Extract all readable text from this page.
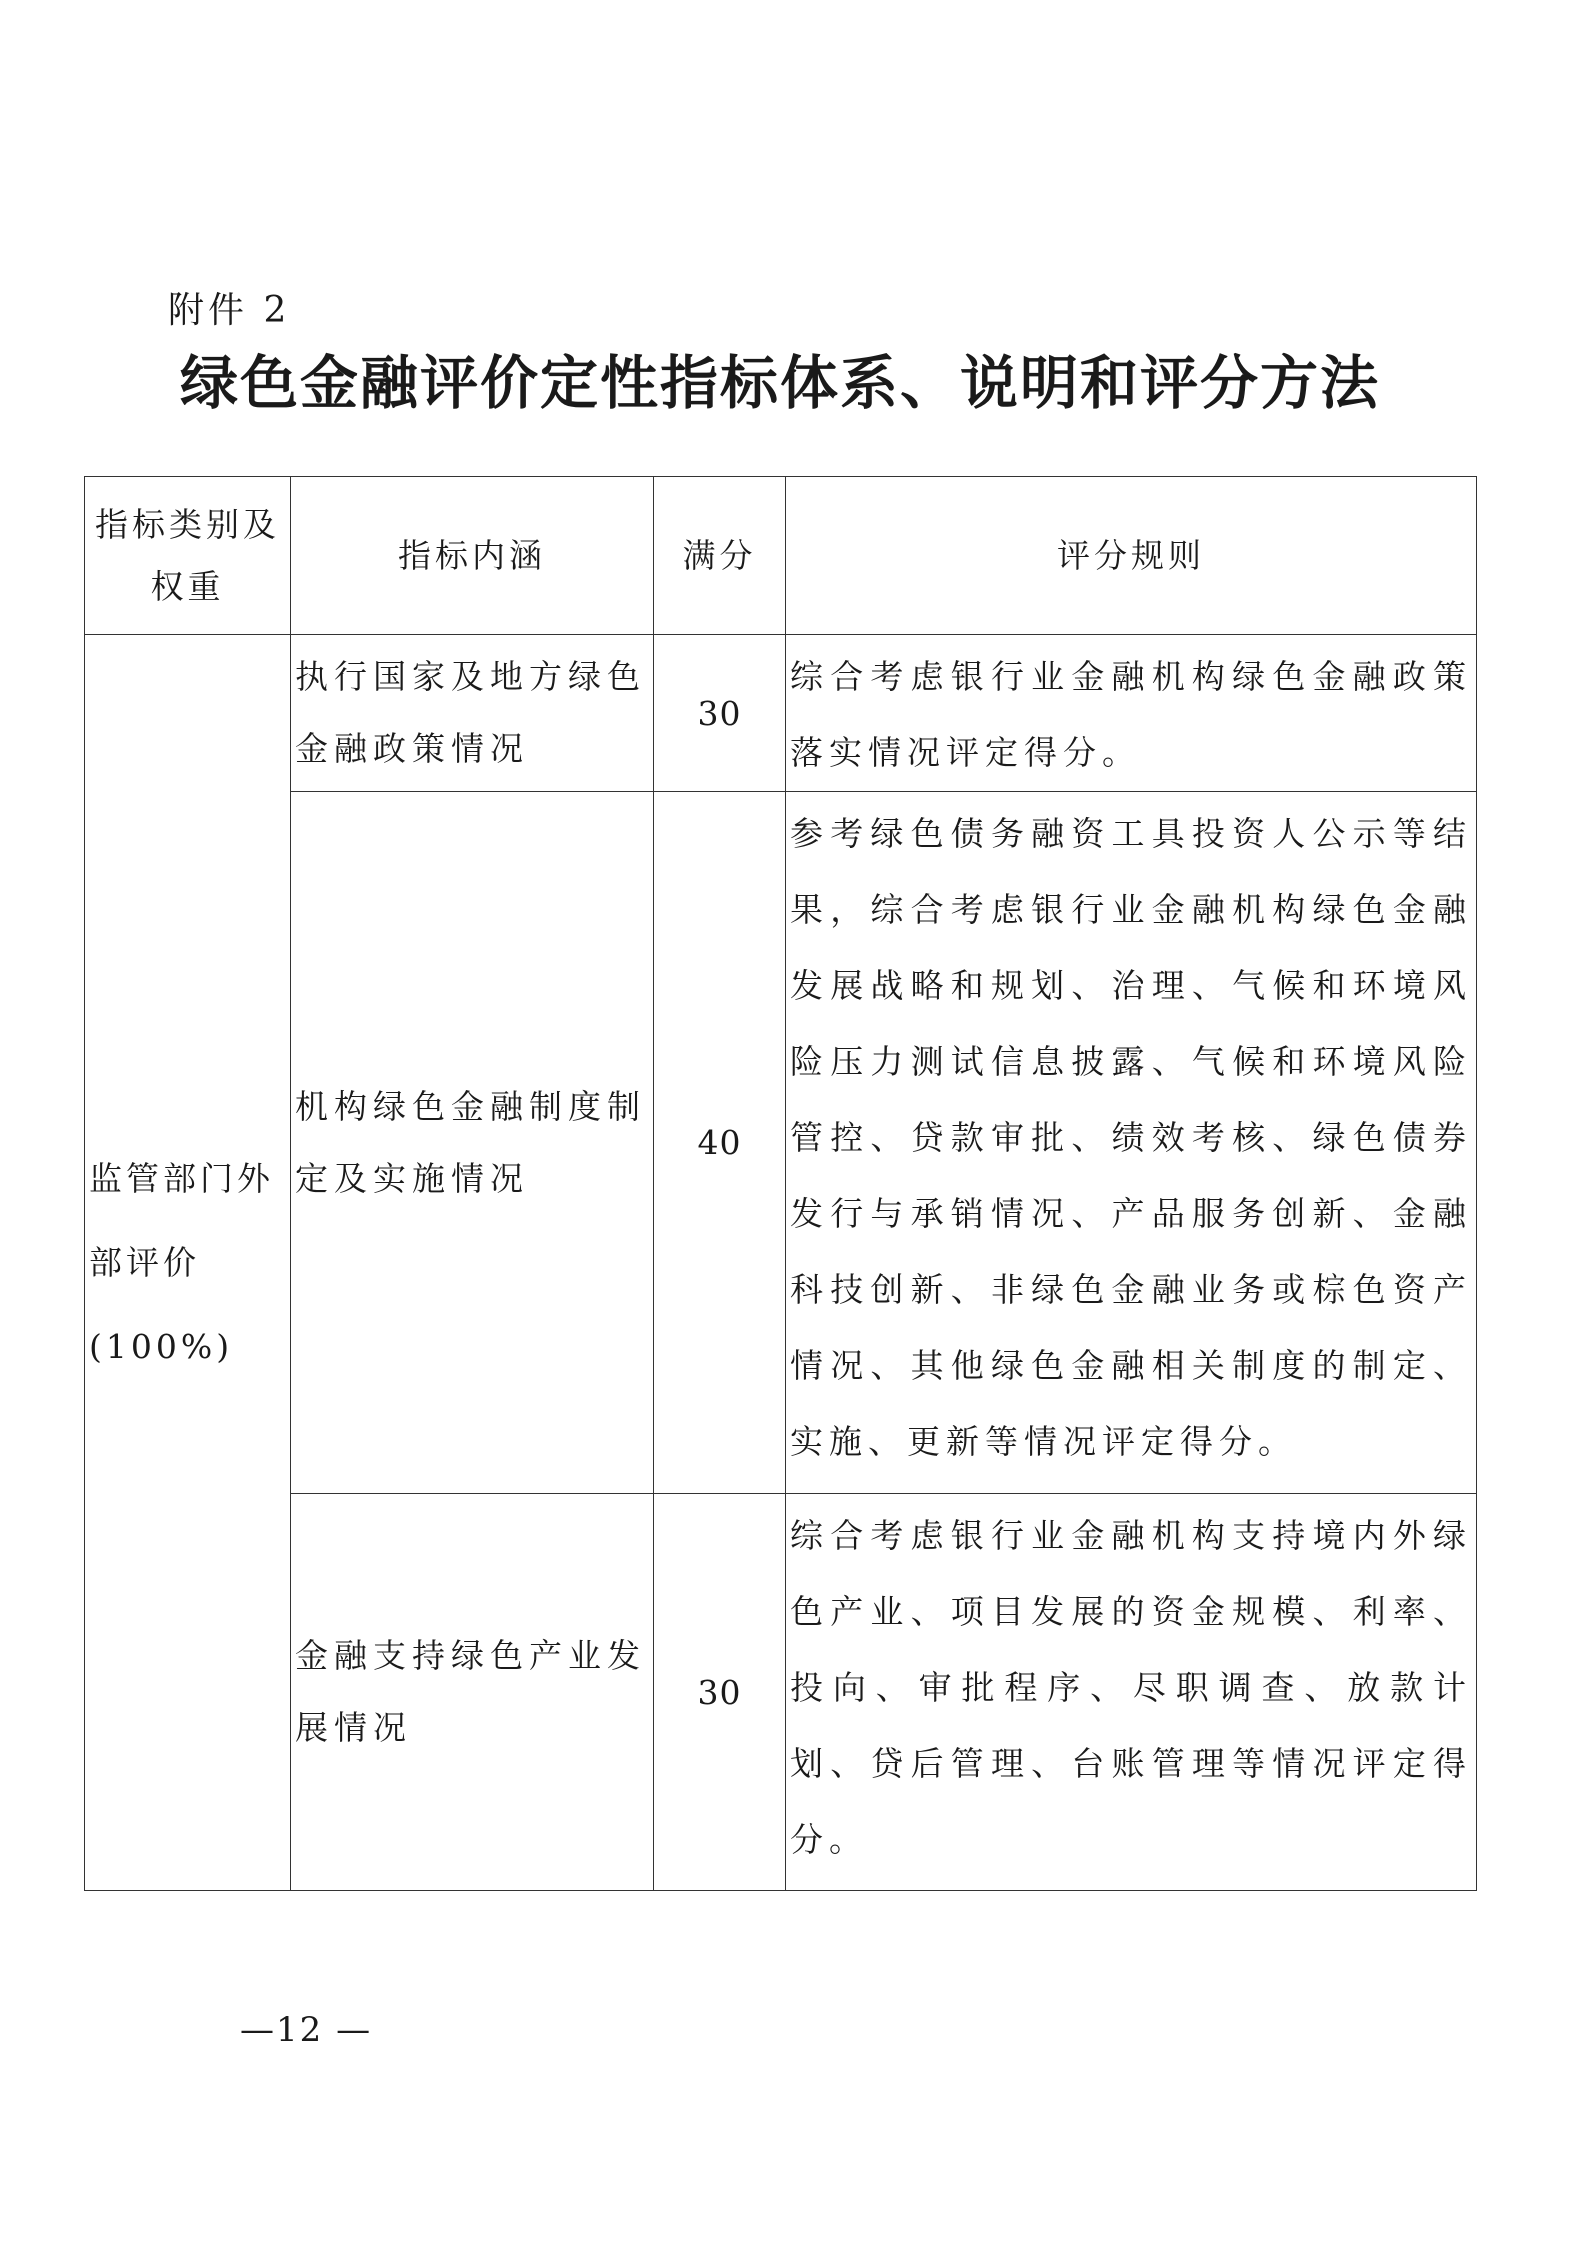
附件 2
绿色金融评价定性指标体系、说明和评分方法
指标类别及权重	指标内涵	满分	评分规则
监管部门外部评价(100%)	执行国家及地方绿色金融政策情况	30	综合考虑银行业金融机构绿色金融政策落实情况评定得分。
	机构绿色金融制度制定及实施情况	40	参考绿色债务融资工具投资人公示等结果，综合考虑银行业金融机构绿色金融发展战略和规划、治理、气候和环境风险压力测试信息披露、气候和环境风险管控、贷款审批、绩效考核、绿色债券发行与承销情况、产品服务创新、金融科技创新、非绿色金融业务或棕色资产情况、其他绿色金融相关制度的制定、实施、更新等情况评定得分。
	金融支持绿色产业发展情况	30	综合考虑银行业金融机构支持境内外绿色产业、项目发展的资金规模、利率、投向、审批程序、尽职调查、放款计划、贷后管理、台账管理等情况评定得分。
—12 —
